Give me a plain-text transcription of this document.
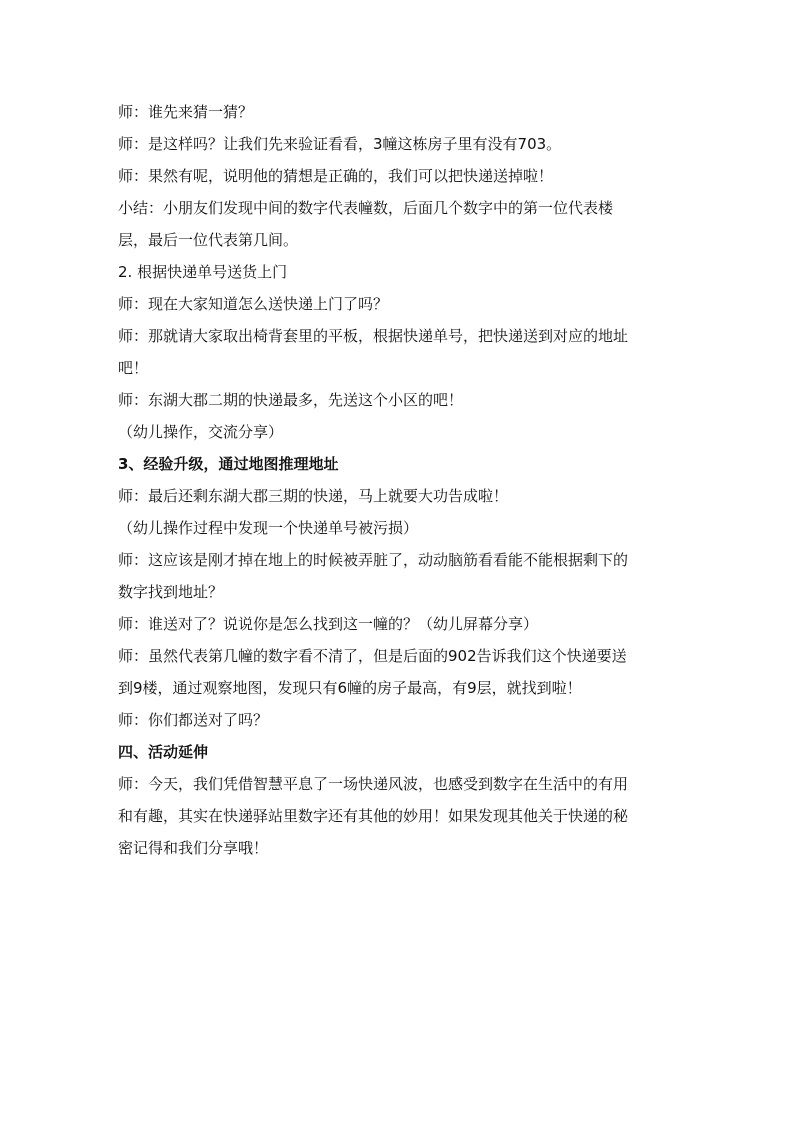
师：谁先来猜一猜？
师：是这样吗？让我们先来验证看看，3幢这栋房子里有没有703。
师：果然有呢，说明他的猜想是正确的，我们可以把快递送掉啦！
小结：小朋友们发现中间的数字代表幢数，后面几个数字中的第一位代表楼
层，最后一位代表第几间。
2. 根据快递单号送货上门
师：现在大家知道怎么送快递上门了吗？
师：那就请大家取出椅背套里的平板，根据快递单号，把快递送到对应的地址
吧！
师：东湖大郡二期的快递最多，先送这个小区的吧！
（幼儿操作，交流分享）
3、经验升级，通过地图推理地址
师：最后还剩东湖大郡三期的快递，马上就要大功告成啦！
（幼儿操作过程中发现一个快递单号被污损）
师：这应该是刚才掉在地上的时候被弄脏了，动动脑筋看看能不能根据剩下的
数字找到地址？
师：谁送对了？说说你是怎么找到这一幢的？（幼儿屏幕分享）
师：虽然代表第几幢的数字看不清了，但是后面的902告诉我们这个快递要送
到9楼，通过观察地图，发现只有6幢的房子最高，有9层，就找到啦！
师：你们都送对了吗？
四、活动延伸
师：今天，我们凭借智慧平息了一场快递风波，也感受到数字在生活中的有用
和有趣，其实在快递驿站里数字还有其他的妙用！如果发现其他关于快递的秘
密记得和我们分享哦！
